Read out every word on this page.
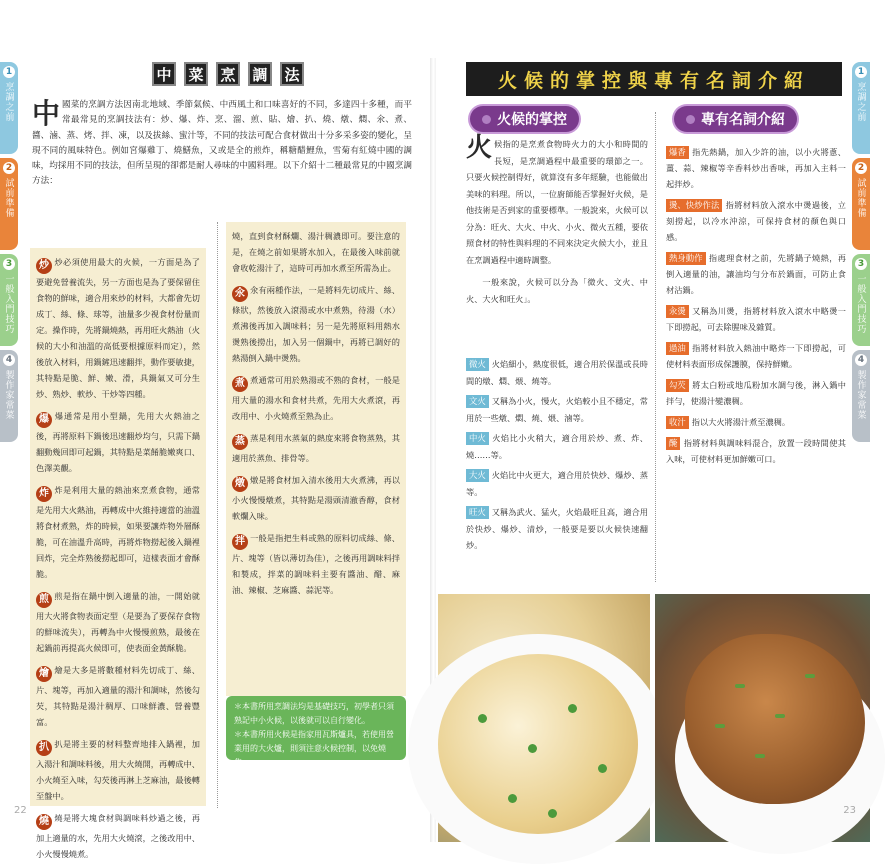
1
烹調之前
2
試前準備
3
一般入門技巧
4
製作家常菜
1
烹調之前
2
試前準備
3
一般入門技巧
4
製作家常菜
中	菜	烹	調	法
中 國菜的烹調方法因南北地域、季節氣候、中西風土和口味喜好的不同，多達四十多種，而平常最常見的烹調技法有：炒、爆、炸、烹、溜、煎、貼、燴、扒、燒、燉、燜、氽、煮、醬、滷、蒸、烤、拌、凍，以及拔絲、蜜汁等，不同的技法可配合食材做出十分多采多姿的變化，呈現不同的風味特色。例如宮爆雞丁、燒鱔魚，又或是全的煎炸，稱糖醋鯉魚，雪菊有紅燒中國的調味，均採用不同的技法，但所呈現的卻都是耐人尋味的中國料理。以下介紹十二種最常見的中國烹調方法：
炒 炒必須使用最大的火候，一方面是為了要避免營養流失，另一方面也是為了要保留住食物的鮮味，適合用來炒的材料，大都會先切成丁、絲、條、球等，油量多少視食材份量而定。操作時，先將鍋燒熱，再用旺火熱油（火候的大小和油溫的高低要根據原料而定），然後放入材料，用鍋鏟迅速翻拌，動作要敏捷，其特點是脆、鮮、嫩、滑，具鍋氣又可分生炒、熟炒、軟炒、干炒等四種。
爆 爆通常是用小型鍋，先用大火熱油之後，再將原料下鍋後迅速翻炒均勻，只需下鍋翻動幾回即可起鍋，其特點是菜餚脆嫩爽口、色澤美觀。
炸 炸是利用大量的熱油來烹煮食物，通常是先用大火熱油，再轉成中火維持適當的油溫將食材煮熟，炸的時候，如果要讓炸物外層酥脆，可在油溫升高時，再將炸物撈起後入鍋裡回炸，完全炸熟後撈起即可，這樣表面才會酥脆。
煎 煎是指在鍋中倒入適量的油，一開始就用大火將食物表面定型（是要為了要保存食物的鮮味流失），再轉為中火慢慢煎熟，最後在起鍋前再提高火候即可，使表面金黃酥脆。
燴 燴是大多是將數種材料先切成丁、絲、片、塊等，再加入適量的湯汁和調味，然後勾芡，其特點是湯汁稠厚、口味鮮濃、營養豐富。
扒 扒是將主要的材料整齊地排入鍋裡，加入湯汁和調味料後，用大火燒開，再轉成中、小火燒至入味，勾芡後再淋上芝麻油，最後轉至盤中。
燒 燒是將大塊食材與調味料炒過之後，再加上適量的水，先用大火燒滾，之後改用中、小火慢慢燒煮。
燒，直到食材酥爛、湯汁稠濃即可。要注意的是，在燒之前如果將水加入，在最後入味前就會收乾湯汁了，這時可再加水煮至所需為止。
氽 氽有兩種作法，一是將料先切成片、絲、條狀，然後放入滾湯或水中煮熟，待湯（水）煮沸後再加入調味料；另一是先將原料用熱水燙熟後撈出，加入另一個鍋中，再將已調好的熱湯倒入鍋中燙熟。
煮 煮通常可用於熟湯或不熟的食材，一般是用大量的湯水和食材共煮，先用大火煮滾，再改用中、小火燒煮至熟為止。
蒸 蒸是利用水蒸氣的熱度來將食物蒸熟，其適用於蒸魚、排骨等。
燉 燉是將食材加入清水後用大火煮沸，再以小火慢慢燉煮，其特點是湯頭清澈香醇，食材軟爛入味。
拌 一般是指把生料或熟的原料切成絲、條、片、塊等（皆以薄切為佳），之後再用調味料拌和製成，拌菜的調味料主要有醬油、醋、麻油、辣椒、芝麻醬、蒜泥等。
＊本書所用烹調法均是基礎技巧，初學者只須熟記中小火候，以後就可以自行變化。
＊本書所用火候是指家用瓦斯爐具，若使用營業用的大火爐，則須注意火候控制，以免燒焦。
22
火候的掌控與專有名詞介紹
火候的掌控	專有名詞介紹
火 候指的是烹煮食物時火力的大小和時間的長短，是烹調過程中最重要的環節之一。只要火候控制得好，就算沒有多年經驗，也能做出美味的料理。所以，一位廚師能否掌握好火候，是他技術是否到家的重要標準。一般說來，火候可以分為：旺火、大火、中火、小火、微火五種，要依照食材的特性與料理的不同來決定火候大小，並且在烹調過程中適時調整。
一般來說，火候可以分為「微火、文火、中火、大火和旺火」。
微火 火焰細小，熱度很低，適合用於保溫或長時間的燉、燜、煨、燒等。
文火 又稱為小火，慢火，火焰較小且不穩定，常用於一些燉、燜、燒、煨、滷等。
中火 火焰比小火稍大，適合用於炒、煮、炸、燒……等。
大火 火焰比中火更大，適合用於快炒、爆炒、蒸等。
旺火 又稱為武火、猛火，火焰最旺且高，適合用於快炒、爆炒、清炒，一般要是要以火候快速翻炒。
爆香 指先熱鍋，加入少許的油，以小火將蔥、薑、蒜、辣椒等辛香料炒出香味，再加入主料一起拌炒。
燙、快炒作法 指將材料放入滾水中燙過後，立刻撈起，以冷水沖涼，可保持食材的顏色與口感。
熱身動作 指處理食材之前，先將鍋子燒熱，再倒入適量的油，讓油均勻分布於鍋面，可防止食材沾鍋。
汆燙 又稱為川燙，指將材料放入滾水中略燙一下即撈起，可去除腥味及雜質。
過油 指將材料放入熱油中略炸一下即撈起，可使材料表面形成保護膜，保持鮮嫩。
勾芡 將太白粉或地瓜粉加水調勻後，淋入鍋中拌勻，使湯汁變濃稠。
收汁 指以大火將湯汁煮至濃稠。
醃 指將材料與調味料混合，放置一段時間使其入味，可使材料更加鮮嫩可口。
23
